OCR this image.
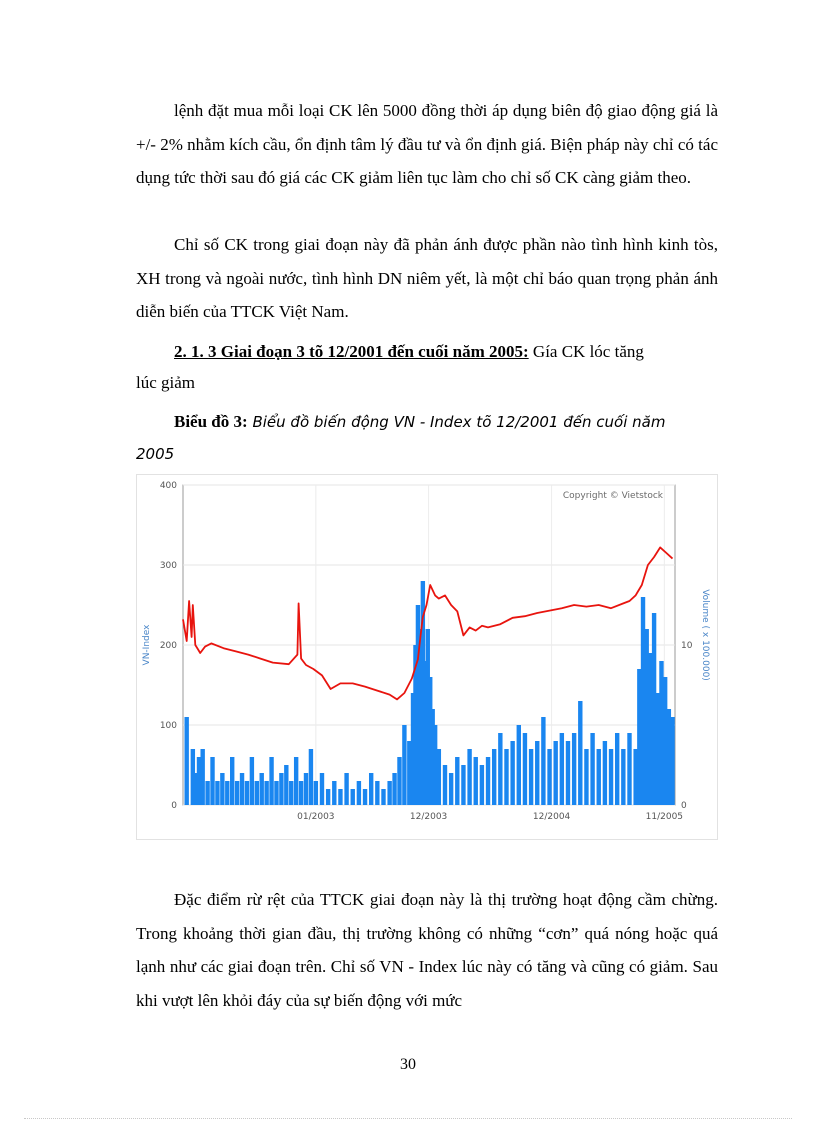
lệnh đặt mua mỗi loại CK lên 5000 đồng thời áp dụng biên độ giao động giá là +/- 2% nhằm kích cầu, ổn định tâm lý đầu tư và ổn định giá. Biện pháp này chỉ có tác dụng tức thời sau đó giá các CK giảm liên tục làm cho chỉ số CK càng giảm theo.

Chỉ số CK trong giai đoạn này đã phản ánh được phần nào tình hình kinh tòs, XH trong và ngoài nước, tình hình DN niêm yết, là một chỉ báo quan trọng phản ánh diễn biến của TTCK Việt Nam.

2. 1. 3 Giai đoạn 3 tõ 12/2001 đến cuối năm 2005: Gía CK lóc tăng
lúc giảm
Biểu đồ 3: Biểu đồ biến động VN - Index tõ 12/2001 đến cuối năm
2005
0
100
200
300
400
0
10
01/2003	12/2003	12/2004	11/2005
Copyright © Vietstock
VN-Index	Volume ( x 100.000)

Đặc điểm rừ rệt của TTCK giai đoạn này là thị trường hoạt động cầm chừng. Trong khoảng thời gian đầu, thị trường không có những “cơn” quá nóng hoặc quá lạnh như các giai đoạn trên. Chỉ số VN - Index lúc này có tăng và cũng có giảm. Sau khi vượt lên khỏi đáy của sự biến động với mức

30
